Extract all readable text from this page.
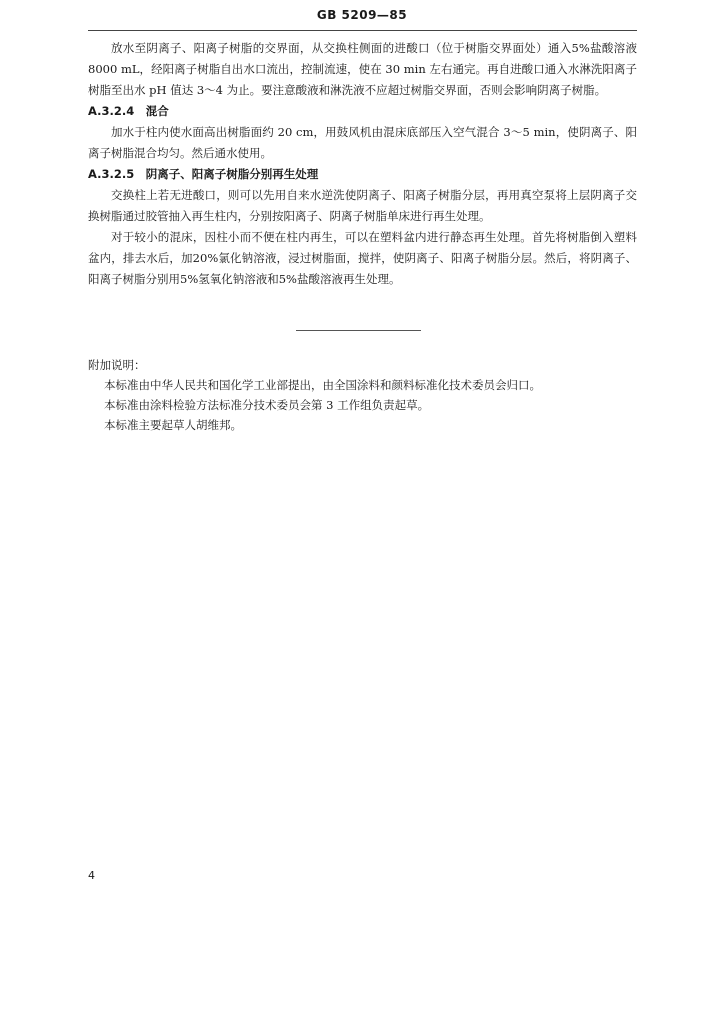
GB 5209—85

放水至阴离子、阳离子树脂的交界面，从交换柱侧面的进酸口（位于树脂交界面处）通入5%盐酸溶液 8000 mL，经阳离子树脂自出水口流出，控制流速，使在 30 min 左右通完。再自进酸口通入水淋洗阳离子树脂至出水 pH 值达 3～4 为止。要注意酸液和淋洗液不应超过树脂交界面，否则会影响阴离子树脂。

A.3.2.4 混合

加水于柱内使水面高出树脂面约 20 cm，用鼓风机由混床底部压入空气混合 3～5 min，使阴离子、阳离子树脂混合均匀。然后通水使用。

A.3.2.5 阴离子、阳离子树脂分别再生处理

交换柱上若无进酸口，则可以先用自来水逆洗使阴离子、阳离子树脂分层，再用真空泵将上层阴离子交换树脂通过胶管抽入再生柱内，分别按阳离子、阴离子树脂单床进行再生处理。

对于较小的混床，因柱小而不便在柱内再生，可以在塑料盆内进行静态再生处理。首先将树脂倒入塑料盆内，排去水后，加20%氯化钠溶液，浸过树脂面，搅拌，使阴离子、阳离子树脂分层。然后，将阴离子、阳离子树脂分别用5%氢氧化钠溶液和5%盐酸溶液再生处理。

附加说明：

本标准由中华人民共和国化学工业部提出，由全国涂料和颜料标准化技术委员会归口。

本标准由涂料检验方法标准分技术委员会第 3 工作组负责起草。

本标准主要起草人胡维邦。

4
